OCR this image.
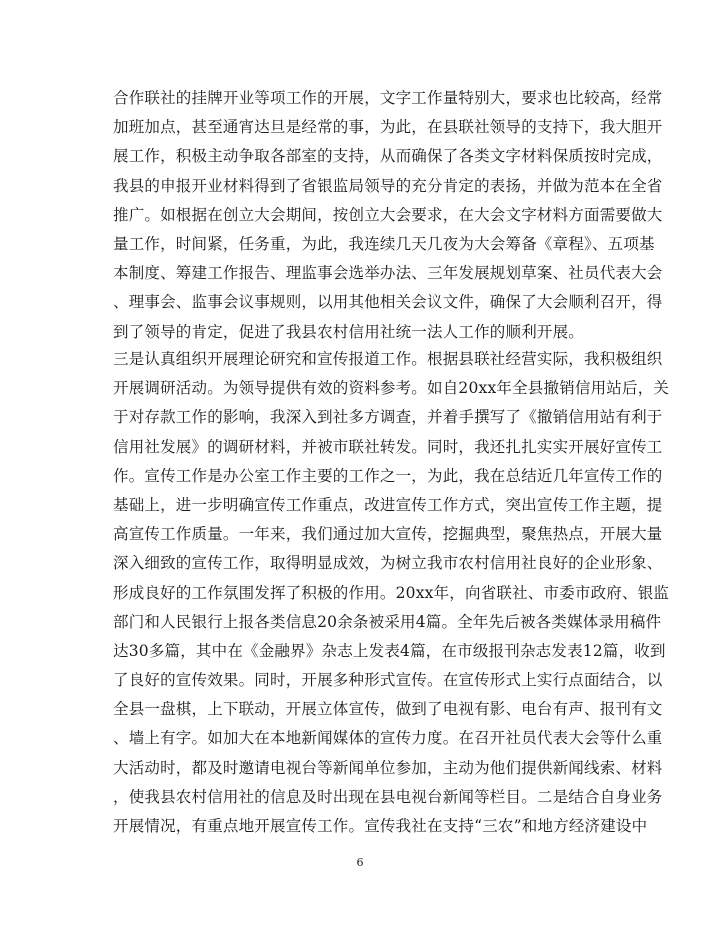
合作联社的挂牌开业等项工作的开展，文字工作量特别大，要求也比较高，经常
加班加点，甚至通宵达旦是经常的事，为此，在县联社领导的支持下，我大胆开
展工作，积极主动争取各部室的支持，从而确保了各类文字材料保质按时完成，
我县的申报开业材料得到了省银监局领导的充分肯定的表扬，并做为范本在全省
推广。如根据在创立大会期间，按创立大会要求，在大会文字材料方面需要做大
量工作，时间紧，任务重，为此，我连续几天几夜为大会筹备《章程》、五项基
本制度、筹建工作报告、理监事会选举办法、三年发展规划草案、社员代表大会
、理事会、监事会议事规则，以用其他相关会议文件，确保了大会顺利召开，得
到了领导的肯定，促进了我县农村信用社统一法人工作的顺利开展。
三是认真组织开展理论研究和宣传报道工作。根据县联社经营实际，我积极组织
开展调研活动。为领导提供有效的资料参考。如自20xx年全县撤销信用站后，关
于对存款工作的影响，我深入到社多方调查，并着手撰写了《撤销信用站有利于
信用社发展》的调研材料，并被市联社转发。同时，我还扎扎实实开展好宣传工
作。宣传工作是办公室工作主要的工作之一，为此，我在总结近几年宣传工作的
基础上，进一步明确宣传工作重点，改进宣传工作方式，突出宣传工作主题，提
高宣传工作质量。一年来，我们通过加大宣传，挖掘典型，聚焦热点，开展大量
深入细致的宣传工作，取得明显成效，为树立我市农村信用社良好的企业形象、
形成良好的工作氛围发挥了积极的作用。20xx年，向省联社、市委市政府、银监
部门和人民银行上报各类信息20余条被采用4篇。全年先后被各类媒体录用稿件
达30多篇，其中在《金融界》杂志上发表4篇，在市级报刊杂志发表12篇，收到
了良好的宣传效果。同时，开展多种形式宣传。在宣传形式上实行点面结合，以
全县一盘棋，上下联动，开展立体宣传，做到了电视有影、电台有声、报刊有文
、墙上有字。如加大在本地新闻媒体的宣传力度。在召开社员代表大会等什么重
大活动时，都及时邀请电视台等新闻单位参加，主动为他们提供新闻线索、材料
，使我县农村信用社的信息及时出现在县电视台新闻等栏目。二是结合自身业务
开展情况，有重点地开展宣传工作。宣传我社在支持“三农”和地方经济建设中
6
